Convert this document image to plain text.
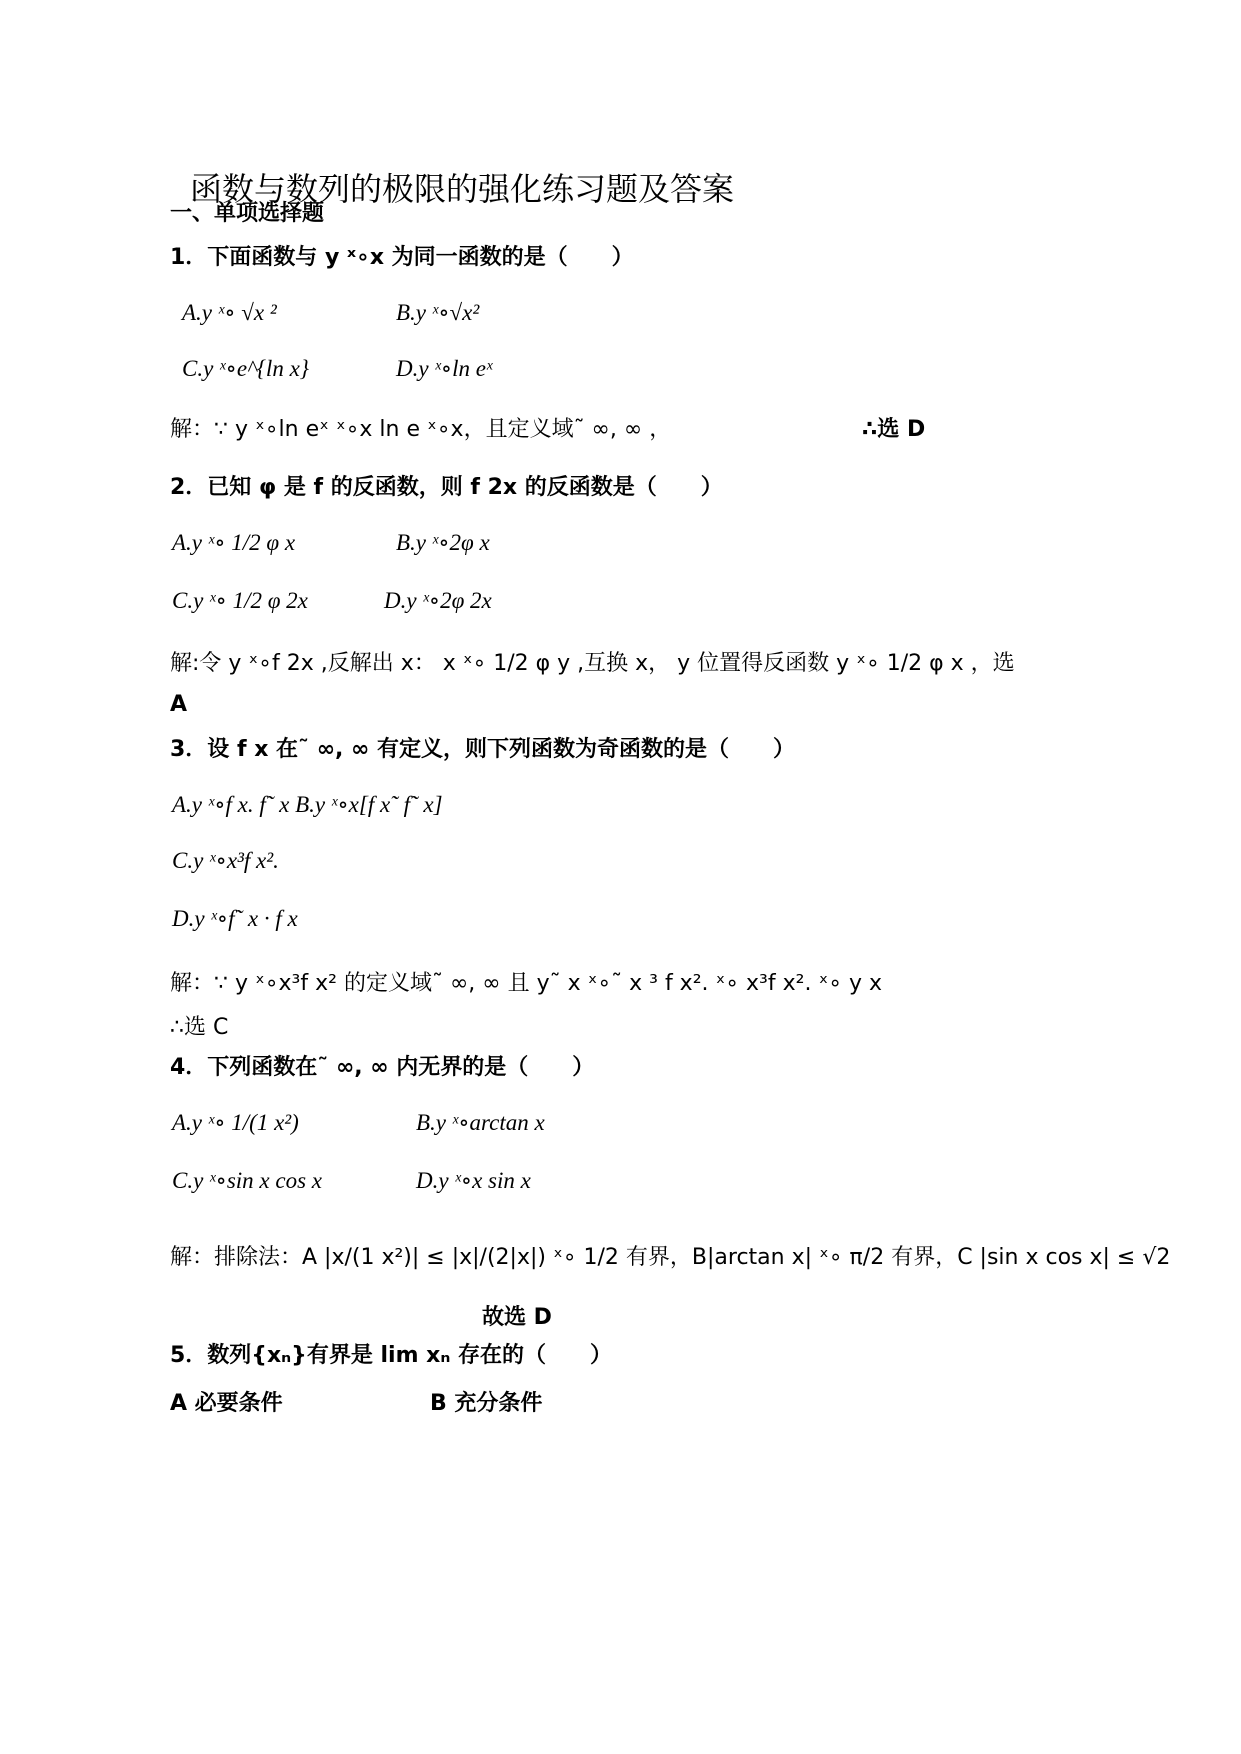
函数与数列的极限的强化练习题及答案
一、单项选择题
1．下面函数与 y ˣ∘x 为同一函数的是（　　）
A.y ˣ∘ √x ²	B.y ˣ∘√x²
C.y ˣ∘e^{ln x}	D.y ˣ∘ln eˣ
解：∵ y ˣ∘ln eˣ ˣ∘x ln e ˣ∘x，且定义域˜ ∞, ∞ ，	∴选 D
2．已知 φ 是 f 的反函数，则 f 2x 的反函数是（　　）
A.y ˣ∘ 1/2 φ x	B.y ˣ∘2φ x
C.y ˣ∘ 1/2 φ 2x	D.y ˣ∘2φ 2x
解:令 y ˣ∘f 2x ,反解出 x： x ˣ∘ 1/2 φ y ,互换 x， y 位置得反函数 y ˣ∘ 1/2 φ x ，选
A
3．设 f x 在˜ ∞, ∞ 有定义，则下列函数为奇函数的是（　　）
A.y ˣ∘f x. f˜ x B.y ˣ∘x[f x˜ f˜ x]
C.y ˣ∘x³f x².
D.y ˣ∘f˜ x · f x
解：∵ y ˣ∘x³f x² 的定义域˜ ∞, ∞ 且 y˜ x ˣ∘˜ x ³ f x². ˣ∘ x³f x². ˣ∘ y x
∴选 C
4．下列函数在˜ ∞, ∞ 内无界的是（　　）
A.y ˣ∘ 1/(1 x²)	B.y ˣ∘arctan x
C.y ˣ∘sin x cos x	D.y ˣ∘x sin x
解：排除法：A |x/(1 x²)| ≤ |x|/(2|x|) ˣ∘ 1/2 有界，B|arctan x| ˣ∘ π/2 有界，C |sin x cos x| ≤ √2
故选 D
5．数列{xₙ}有界是 lim xₙ 存在的（　　）
A 必要条件	B 充分条件
